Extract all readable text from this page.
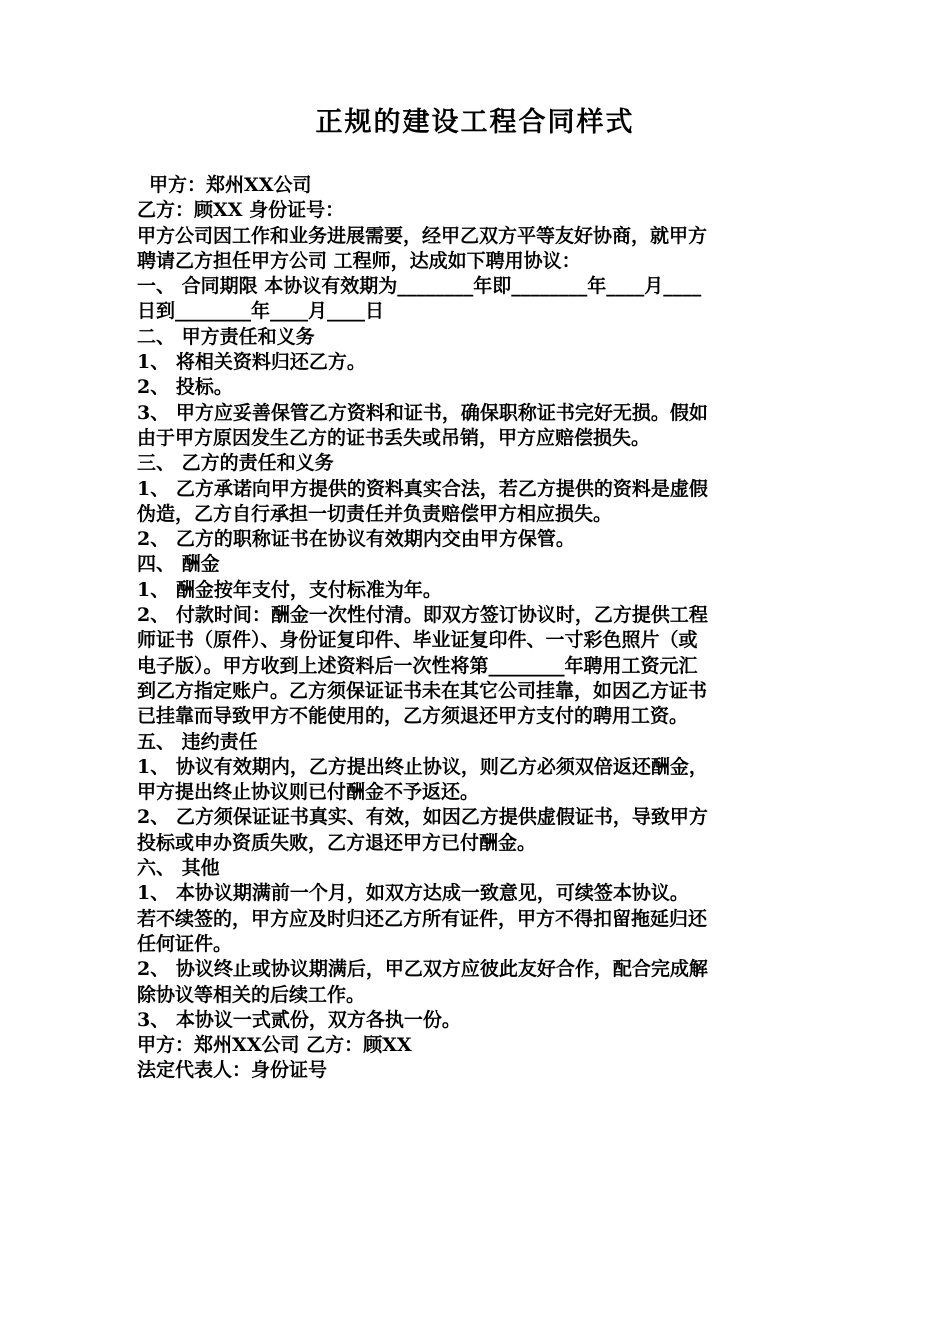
正规的建设工程合同样式
甲方：郑州XX公司
乙方：顾XX 身份证号：
甲方公司因工作和业务进展需要，经甲乙双方平等友好协商，就甲方
聘请乙方担任甲方公司 工程师，达成如下聘用协议：
一、 合同期限 本协议有效期为________年即________年____月____
日到________年____月____日
二、 甲方责任和义务
1、 将相关资料归还乙方。
2、 投标。
3、 甲方应妥善保管乙方资料和证书，确保职称证书完好无损。假如
由于甲方原因发生乙方的证书丢失或吊销，甲方应赔偿损失。
三、 乙方的责任和义务
1、 乙方承诺向甲方提供的资料真实合法，若乙方提供的资料是虚假
伪造，乙方自行承担一切责任并负责赔偿甲方相应损失。
2、 乙方的职称证书在协议有效期内交由甲方保管。
四、 酬金
1、 酬金按年支付，支付标准为年。
2、 付款时间：酬金一次性付清。即双方签订协议时，乙方提供工程
师证书（原件）、身份证复印件、毕业证复印件、一寸彩色照片（或
电子版）。甲方收到上述资料后一次性将第________年聘用工资元汇
到乙方指定账户。乙方须保证证书未在其它公司挂靠，如因乙方证书
已挂靠而导致甲方不能使用的，乙方须退还甲方支付的聘用工资。
五、 违约责任
1、 协议有效期内，乙方提出终止协议，则乙方必须双倍返还酬金，
甲方提出终止协议则已付酬金不予返还。
2、 乙方须保证证书真实、有效，如因乙方提供虚假证书，导致甲方
投标或申办资质失败，乙方退还甲方已付酬金。
六、 其他
1、 本协议期满前一个月，如双方达成一致意见，可续签本协议。
若不续签的，甲方应及时归还乙方所有证件，甲方不得扣留拖延归还
任何证件。
2、 协议终止或协议期满后，甲乙双方应彼此友好合作，配合完成解
除协议等相关的后续工作。
3、 本协议一式贰份，双方各执一份。
甲方：郑州XX公司 乙方：顾XX
法定代表人：身份证号
